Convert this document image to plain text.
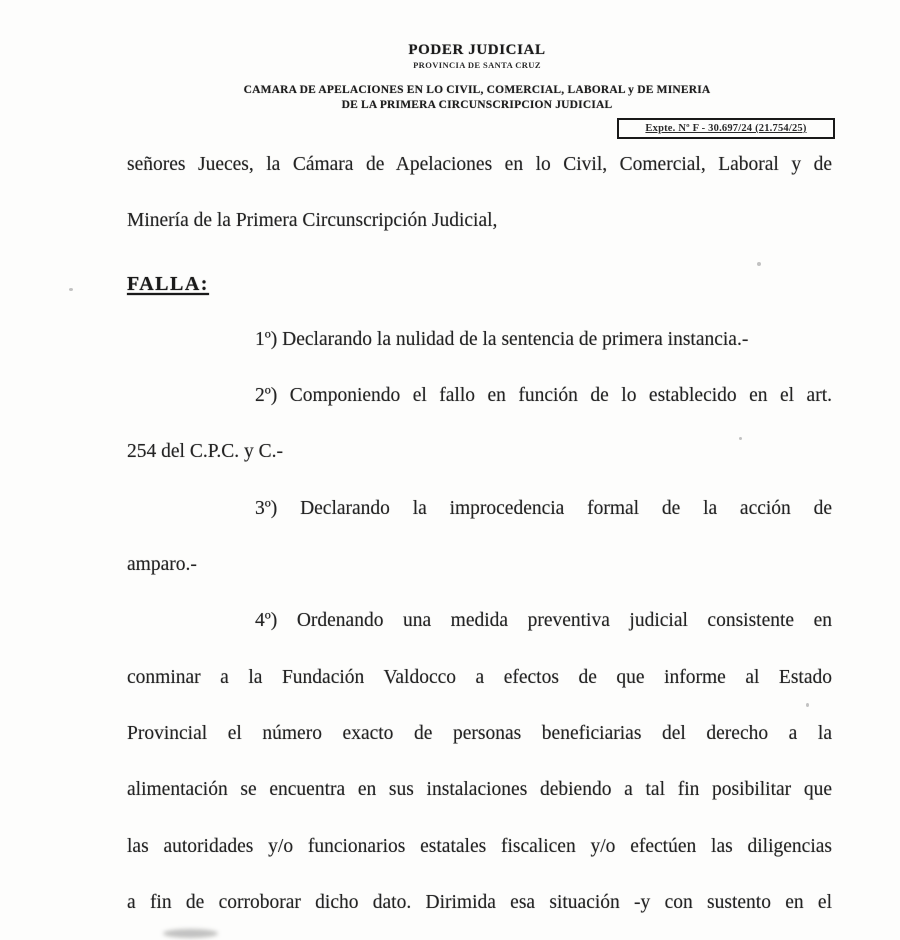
PODER JUDICIAL
PROVINCIA DE SANTA CRUZ
CAMARA DE APELACIONES EN LO CIVIL, COMERCIAL, LABORAL y DE MINERIA
DE LA PRIMERA CIRCUNSCRIPCION JUDICIAL
Expte. Nº F - 30.697/24 (21.754/25)
señores Jueces, la Cámara de Apelaciones en lo Civil, Comercial, Laboral y de
Minería de la Primera Circunscripción Judicial,
FALLA:
1º) Declarando la nulidad de la sentencia de primera instancia.-
2º) Componiendo el fallo en función de lo establecido en el art.
254 del C.P.C. y C.-
3º) Declarando la improcedencia formal de la acción de
amparo.-
4º) Ordenando una medida preventiva judicial consistente en
conminar a la Fundación Valdocco a efectos de que informe al Estado
Provincial el número exacto de personas beneficiarias del derecho a la
alimentación se encuentra en sus instalaciones debiendo a tal fin posibilitar que
las autoridades y/o funcionarios estatales fiscalicen y/o efectúen las diligencias
a fin de corroborar dicho dato. Dirimida esa situación -y con sustento en el
